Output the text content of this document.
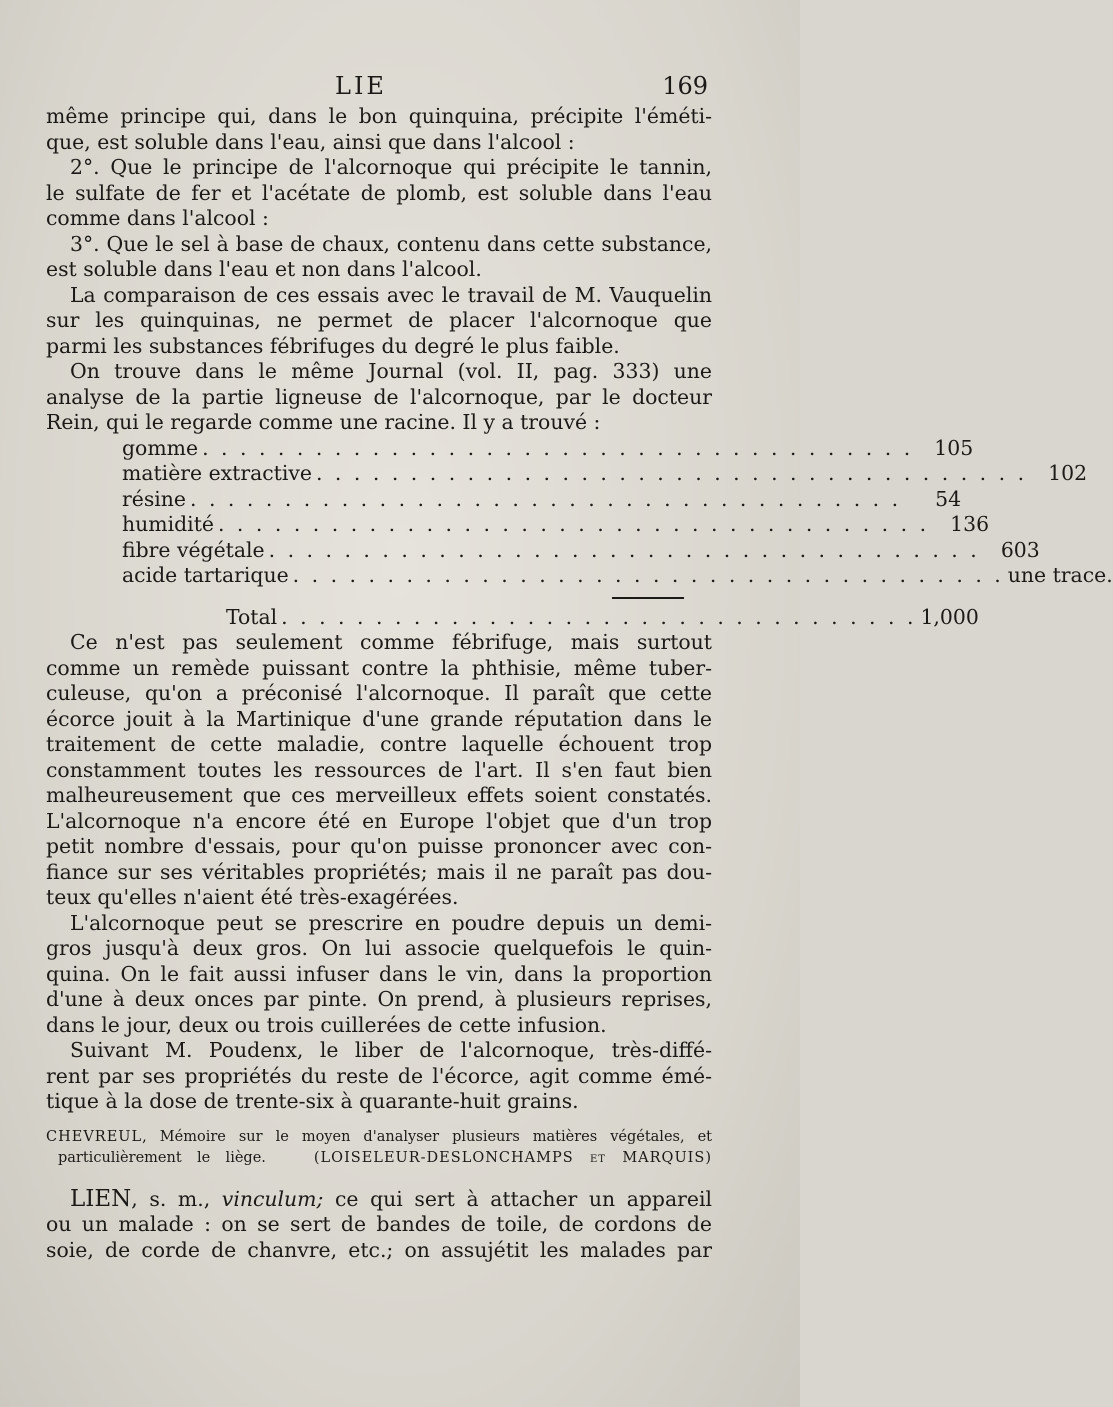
LIE	169
même principe qui, dans le bon quinquina, précipite l'éméti-
que, est soluble dans l'eau, ainsi que dans l'alcool :
2°. Que le principe de l'alcornoque qui précipite le tannin,
le sulfate de fer et l'acétate de plomb, est soluble dans l'eau
comme dans l'alcool :
3°. Que le sel à base de chaux, contenu dans cette substance,
est soluble dans l'eau et non dans l'alcool.
La comparaison de ces essais avec le travail de M. Vauquelin
sur les quinquinas, ne permet de placer l'alcornoque que
parmi les substances fébrifuges du degré le plus faible.
On trouve dans le même Journal (vol. II, pag. 333) une
analyse de la partie ligneuse de l'alcornoque, par le docteur
Rein, qui le regarde comme une racine. Il y a trouvé :
gomme . . . . . . . . . . . . . . . . . . . . . . . . . . . . . . . . . . . . . .	105
matière extractive . . . . . . . . . . . . . . . . . . . . . . . . . . . . . . . . . . . . . .	102
résine . . . . . . . . . . . . . . . . . . . . . . . . . . . . . . . . . . . . . .	54
humidité . . . . . . . . . . . . . . . . . . . . . . . . . . . . . . . . . . . . . .	136
fibre végétale . . . . . . . . . . . . . . . . . . . . . . . . . . . . . . . . . . . . . .	603
acide tartarique . . . . . . . . . . . . . . . . . . . . . . . . . . . . . . . . . . . . . . une trace.
Total . . . . . . . . . . . . . . . . . . . . . . . . . . . . . . . . . . 1,000
Ce n'est pas seulement comme fébrifuge, mais surtout
comme un remède puissant contre la phthisie, même tuber-
culeuse, qu'on a préconisé l'alcornoque. Il paraît que cette
écorce jouit à la Martinique d'une grande réputation dans le
traitement de cette maladie, contre laquelle échouent trop
constamment toutes les ressources de l'art. Il s'en faut bien
malheureusement que ces merveilleux effets soient constatés.
L'alcornoque n'a encore été en Europe l'objet que d'un trop
petit nombre d'essais, pour qu'on puisse prononcer avec con-
fiance sur ses véritables propriétés; mais il ne paraît pas dou-
teux qu'elles n'aient été très-exagérées.
L'alcornoque peut se prescrire en poudre depuis un demi-
gros jusqu'à deux gros. On lui associe quelquefois le quin-
quina. On le fait aussi infuser dans le vin, dans la proportion
d'une à deux onces par pinte. On prend, à plusieurs reprises,
dans le jour, deux ou trois cuillerées de cette infusion.
Suivant M. Poudenx, le liber de l'alcornoque, très-diffé-
rent par ses propriétés du reste de l'écorce, agit comme émé-
tique à la dose de trente-six à quarante-huit grains.
CHEVREUL, Mémoire sur le moyen d'analyser plusieurs matières végétales, et
particulièrement le liège.	(LOISELEUR-DESLONCHAMPS et MARQUIS)
LIEN, s. m., vinculum; ce qui sert à attacher un appareil
ou un malade : on se sert de bandes de toile, de cordons de
soie, de corde de chanvre, etc.; on assujétit les malades par
